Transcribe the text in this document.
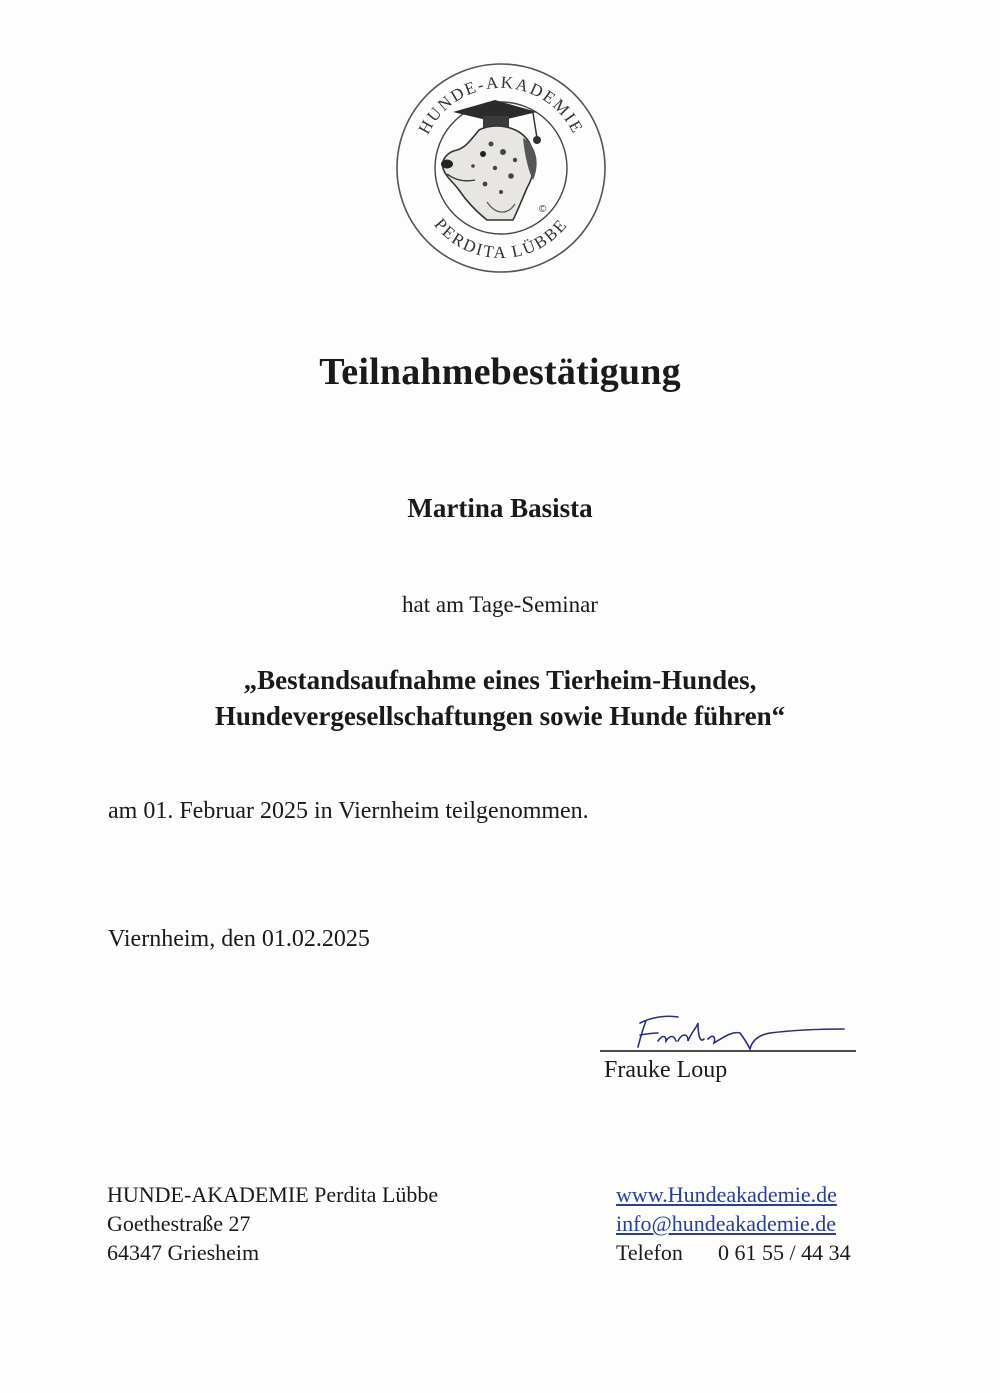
HUNDE-AKADEMIE
PERDITA LÜBBE
©
Teilnahmebestätigung
Martina Basista
hat am Tage-Seminar
„Bestandsaufnahme eines Tierheim-Hundes,
Hundevergesellschaftungen sowie Hunde führen“
am 01. Februar 2025 in Viernheim teilgenommen.
Viernheim, den 01.02.2025
Frauke Loup
HUNDE-AKADEMIE Perdita Lübbe
Goethestraße 27
64347 Griesheim
www.Hundeakademie.de
info@hundeakademie.de
Telefon 0 61 55 / 44 34
